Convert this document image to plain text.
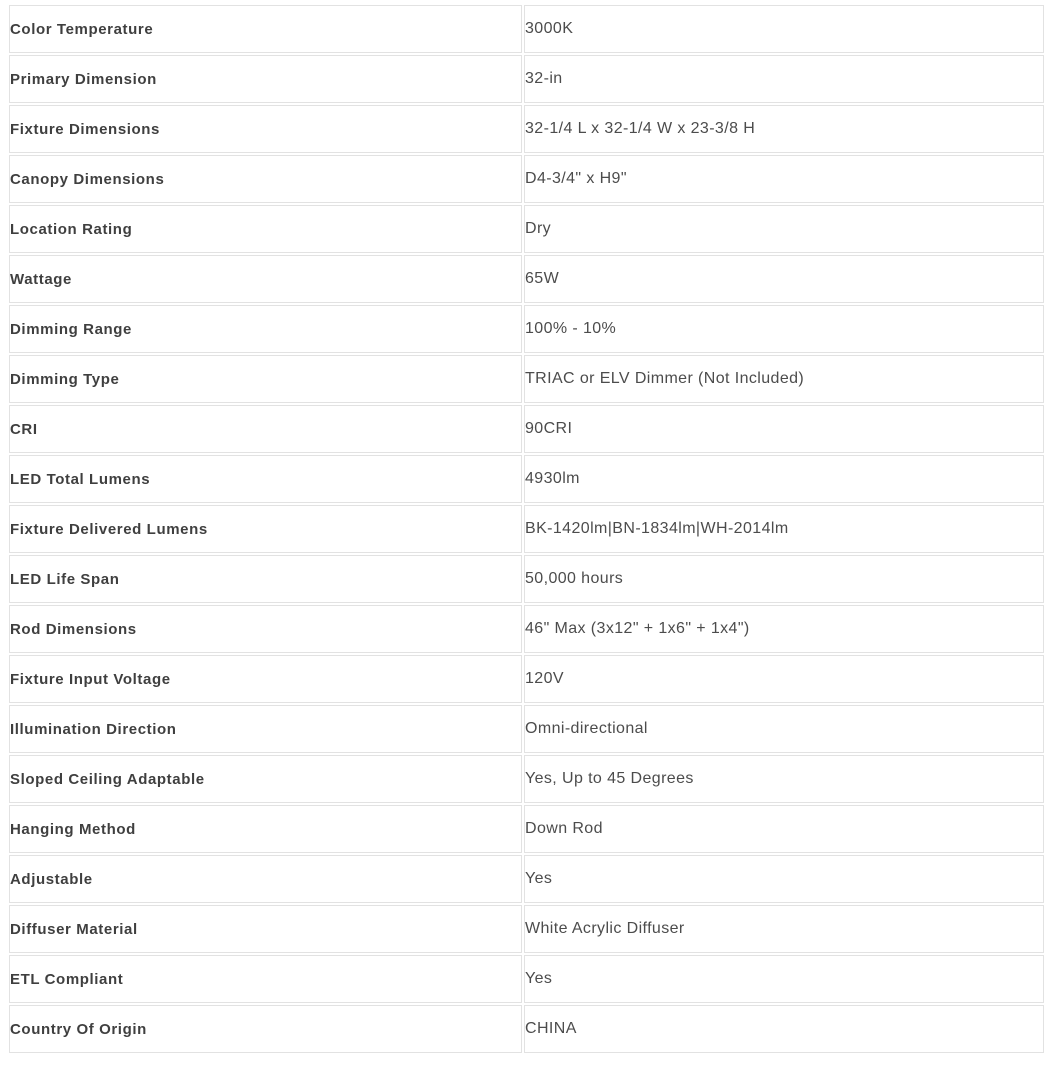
Color Temperature	3000K
Primary Dimension	32-in
Fixture Dimensions	32-1/4 L x 32-1/4 W x 23-3/8 H
Canopy Dimensions	D4-3/4" x H9"
Location Rating	Dry
Wattage	65W
Dimming Range	100% - 10%
Dimming Type	TRIAC or ELV Dimmer (Not Included)
CRI	90CRI
LED Total Lumens	4930lm
Fixture Delivered Lumens	BK-1420lm|BN-1834lm|WH-2014lm
LED Life Span	50,000 hours
Rod Dimensions	46" Max (3x12" + 1x6" + 1x4")
Fixture Input Voltage	120V
Illumination Direction	Omni-directional
Sloped Ceiling Adaptable	Yes, Up to 45 Degrees
Hanging Method	Down Rod
Adjustable	Yes
Diffuser Material	White Acrylic Diffuser
ETL Compliant	Yes
Country Of Origin	CHINA
